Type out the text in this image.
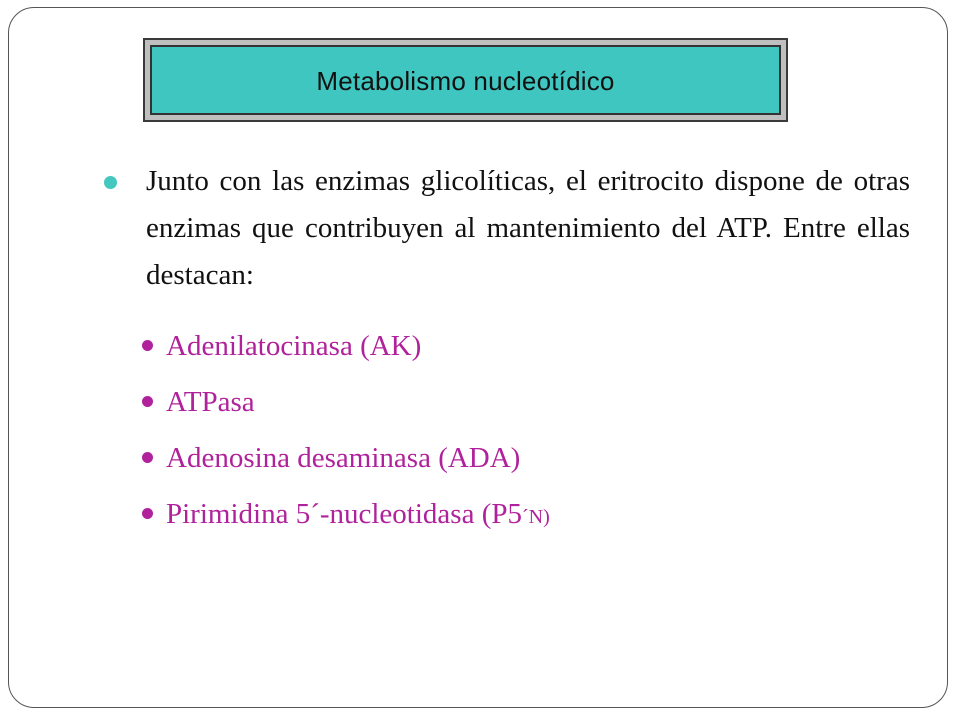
Metabolismo nucleotídico

Junto con las enzimas glicolíticas, el eritrocito dispone de otras enzimas que contribuyen al mantenimiento del ATP. Entre ellas destacan:

Adenilatocinasa (AK)
ATPasa
Adenosina desaminasa (ADA)
Pirimidina 5´-nucleotidasa (P5´N)
